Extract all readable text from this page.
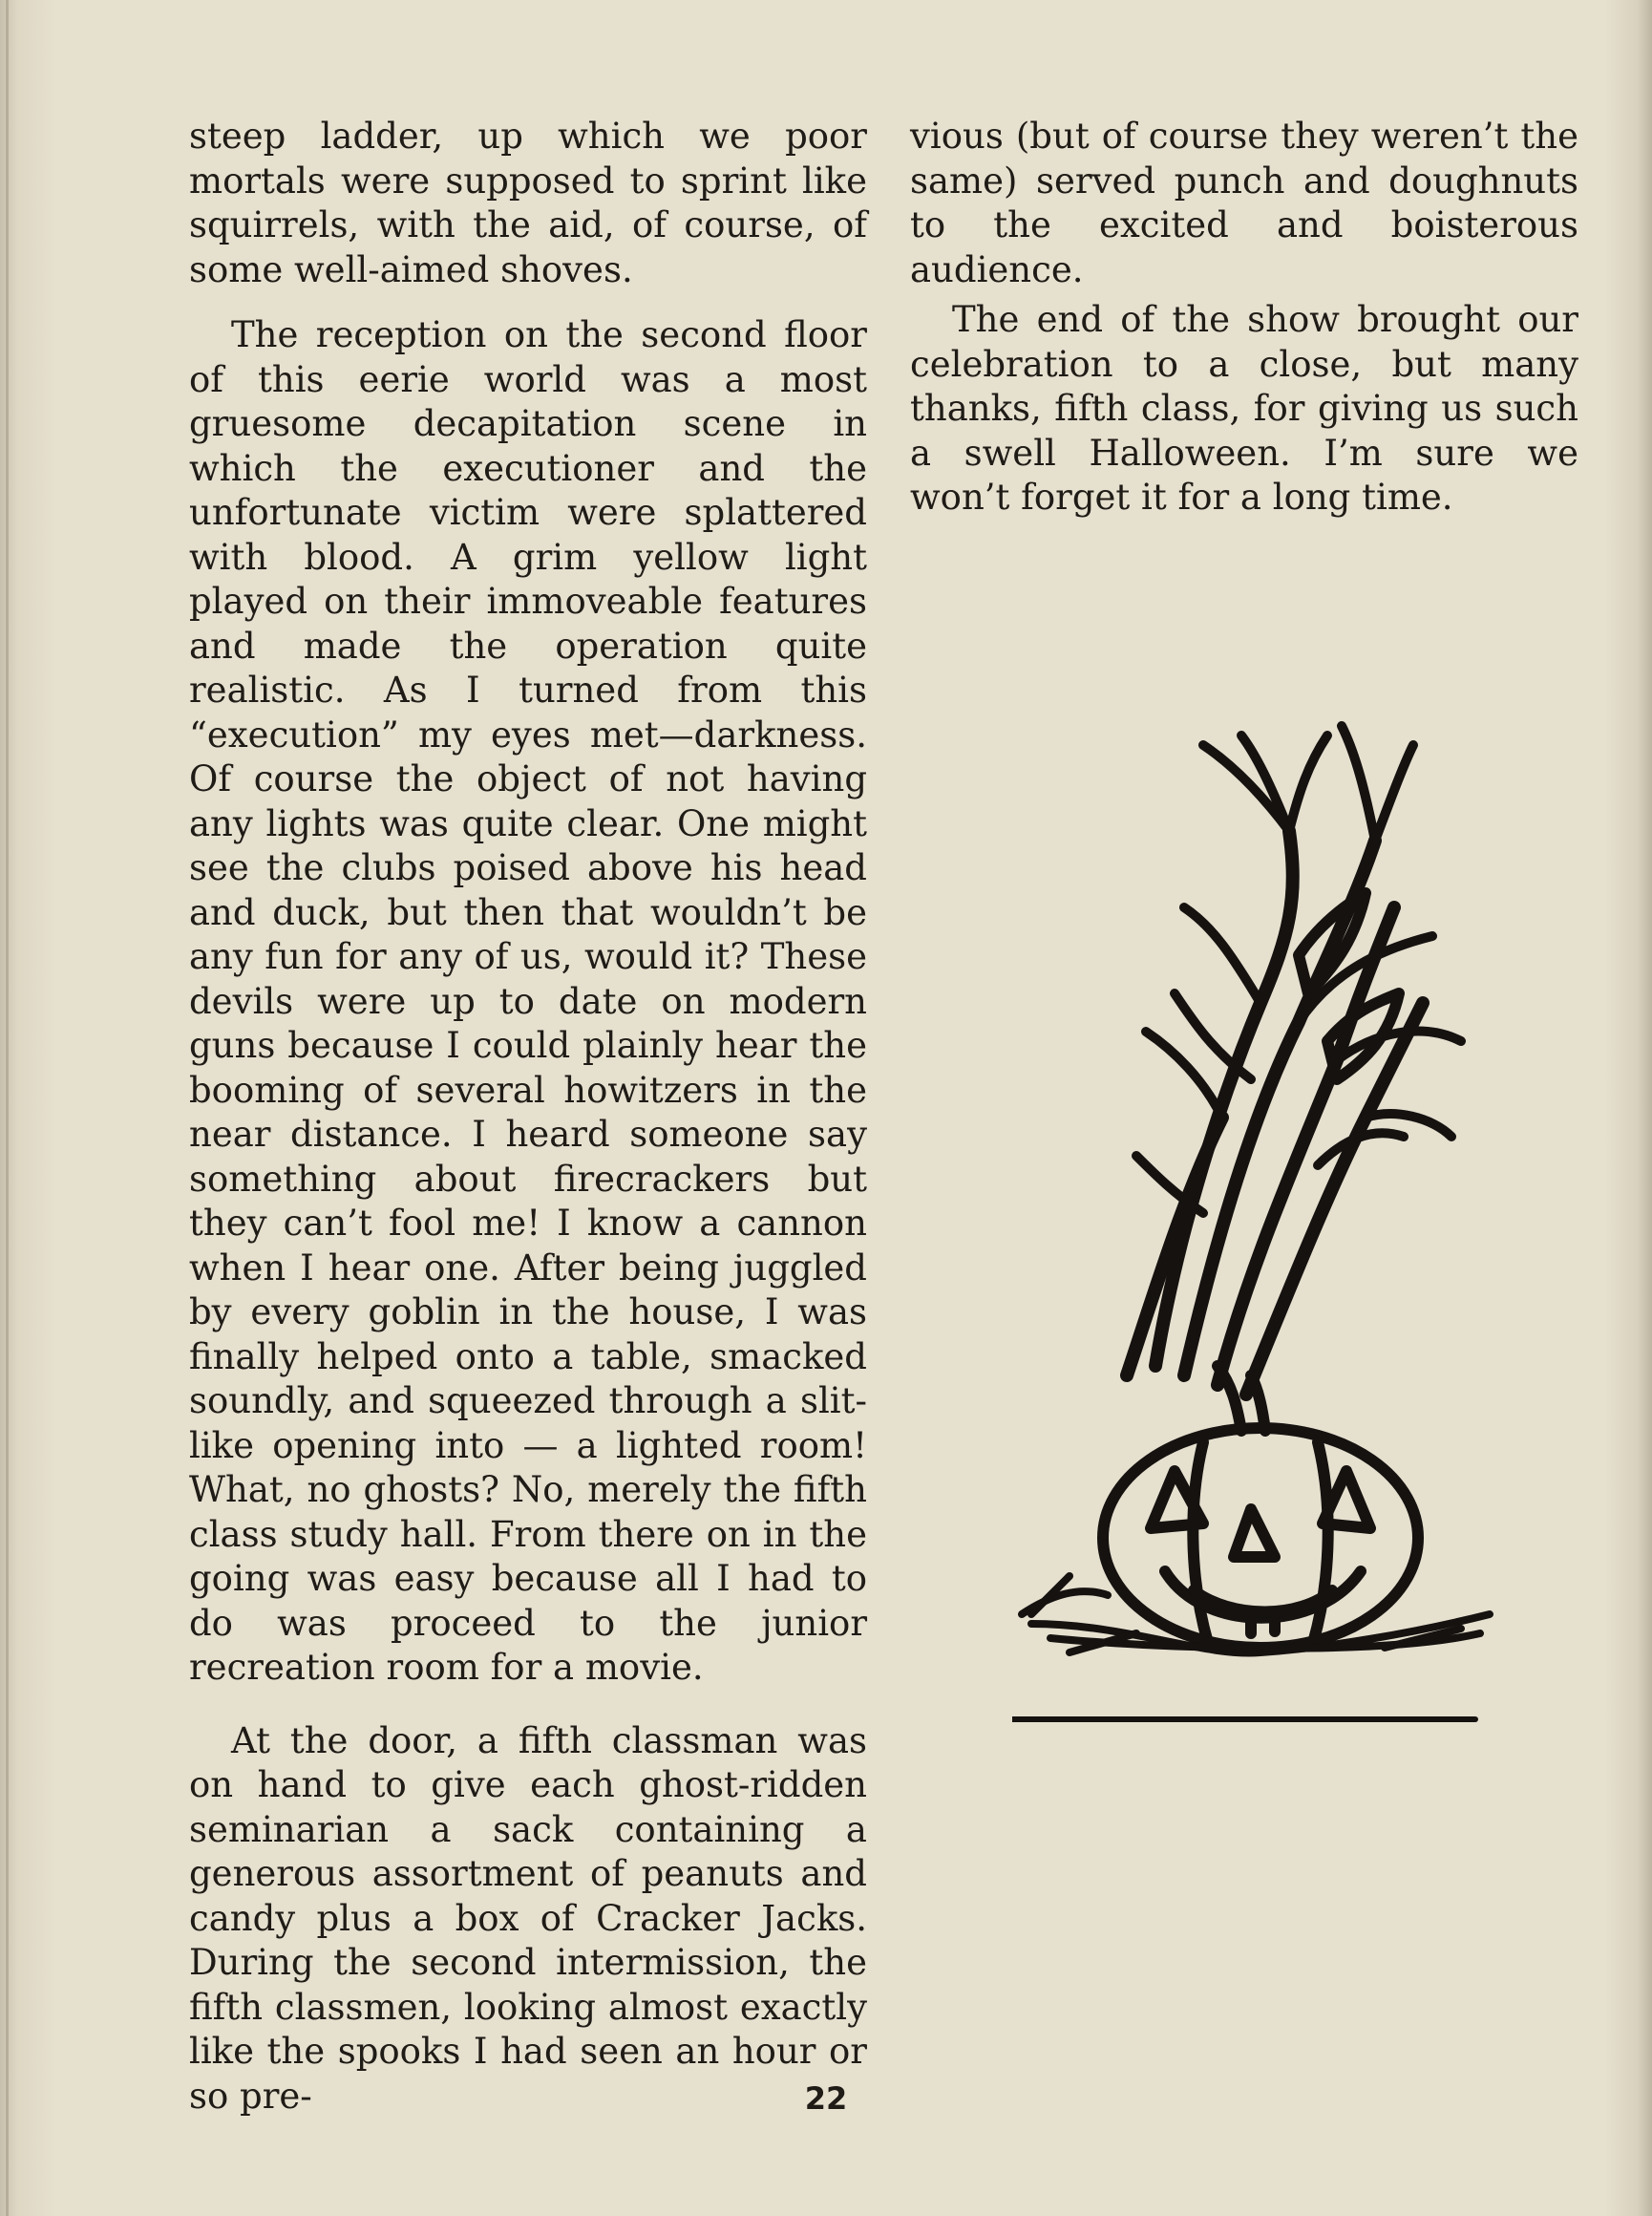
steep ladder, up which we poor mortals were supposed to sprint like squirrels, with the aid, of course, of some well-aimed shoves.

The reception on the second floor of this eerie world was a most gruesome decapitation scene in which the executioner and the unfortunate victim were splattered with blood. A grim yellow light played on their immoveable features and made the operation quite realistic. As I turned from this “execution” my eyes met—darkness. Of course the object of not having any lights was quite clear. One might see the clubs poised above his head and duck, but then that wouldn’t be any fun for any of us, would it? These devils were up to date on modern guns because I could plainly hear the booming of several howitzers in the near distance. I heard someone say something about firecrackers but they can’t fool me! I know a cannon when I hear one. After being juggled by every goblin in the house, I was finally helped onto a table, smacked soundly, and squeezed through a slit-like opening into — a lighted room! What, no ghosts? No, merely the fifth class study hall. From there on in the going was easy because all I had to do was proceed to the junior recreation room for a movie.

At the door, a fifth classman was on hand to give each ghost-ridden seminarian a sack containing a generous assortment of peanuts and candy plus a box of Cracker Jacks. During the second intermission, the fifth classmen, looking almost exactly like the spooks I had seen an hour or so pre-

vious (but of course they weren’t the same) served punch and doughnuts to the excited and boisterous audience.

The end of the show brought our celebration to a close, but many thanks, fifth class, for giving us such a swell Halloween. I’m sure we won’t forget it for a long time.

22
